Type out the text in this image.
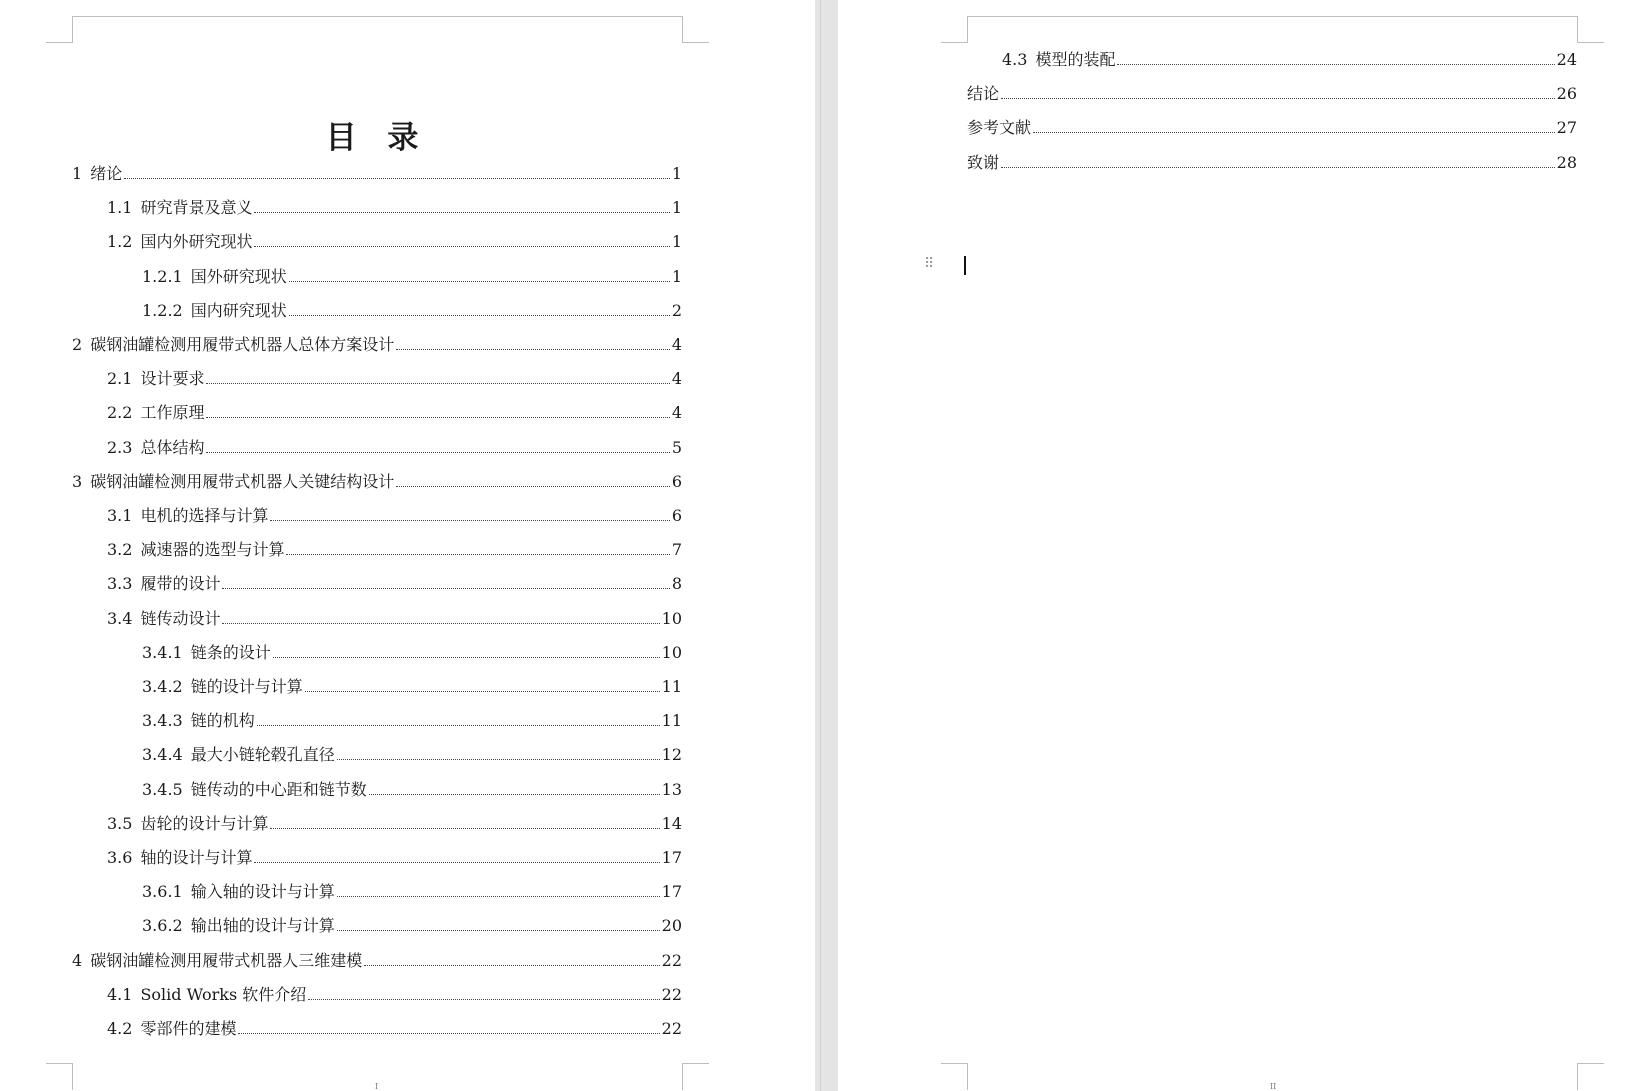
目 录
1 绪论	1
1.1 研究背景及意义	1
1.2 国内外研究现状	1
1.2.1 国外研究现状	1
1.2.2 国内研究现状	2
2 碳钢油罐检测用履带式机器人总体方案设计	4
2.1 设计要求	4
2.2 工作原理	4
2.3 总体结构	5
3 碳钢油罐检测用履带式机器人关键结构设计	6
3.1 电机的选择与计算	6
3.2 减速器的选型与计算	7
3.3 履带的设计	8
3.4 链传动设计	10
3.4.1 链条的设计	10
3.4.2 链的设计与计算	11
3.4.3 链的机构	11
3.4.4 最大小链轮毂孔直径	12
3.4.5 链传动的中心距和链节数	13
3.5 齿轮的设计与计算	14
3.6 轴的设计与计算	17
3.6.1 输入轴的设计与计算	17
3.6.2 输出轴的设计与计算	20
4 碳钢油罐检测用履带式机器人三维建模	22
4.1 Solid Works 软件介绍	22
4.2 零部件的建模	22
I
4.3 模型的装配	24
结论	26
参考文献	27
致谢	28
II
⠿
